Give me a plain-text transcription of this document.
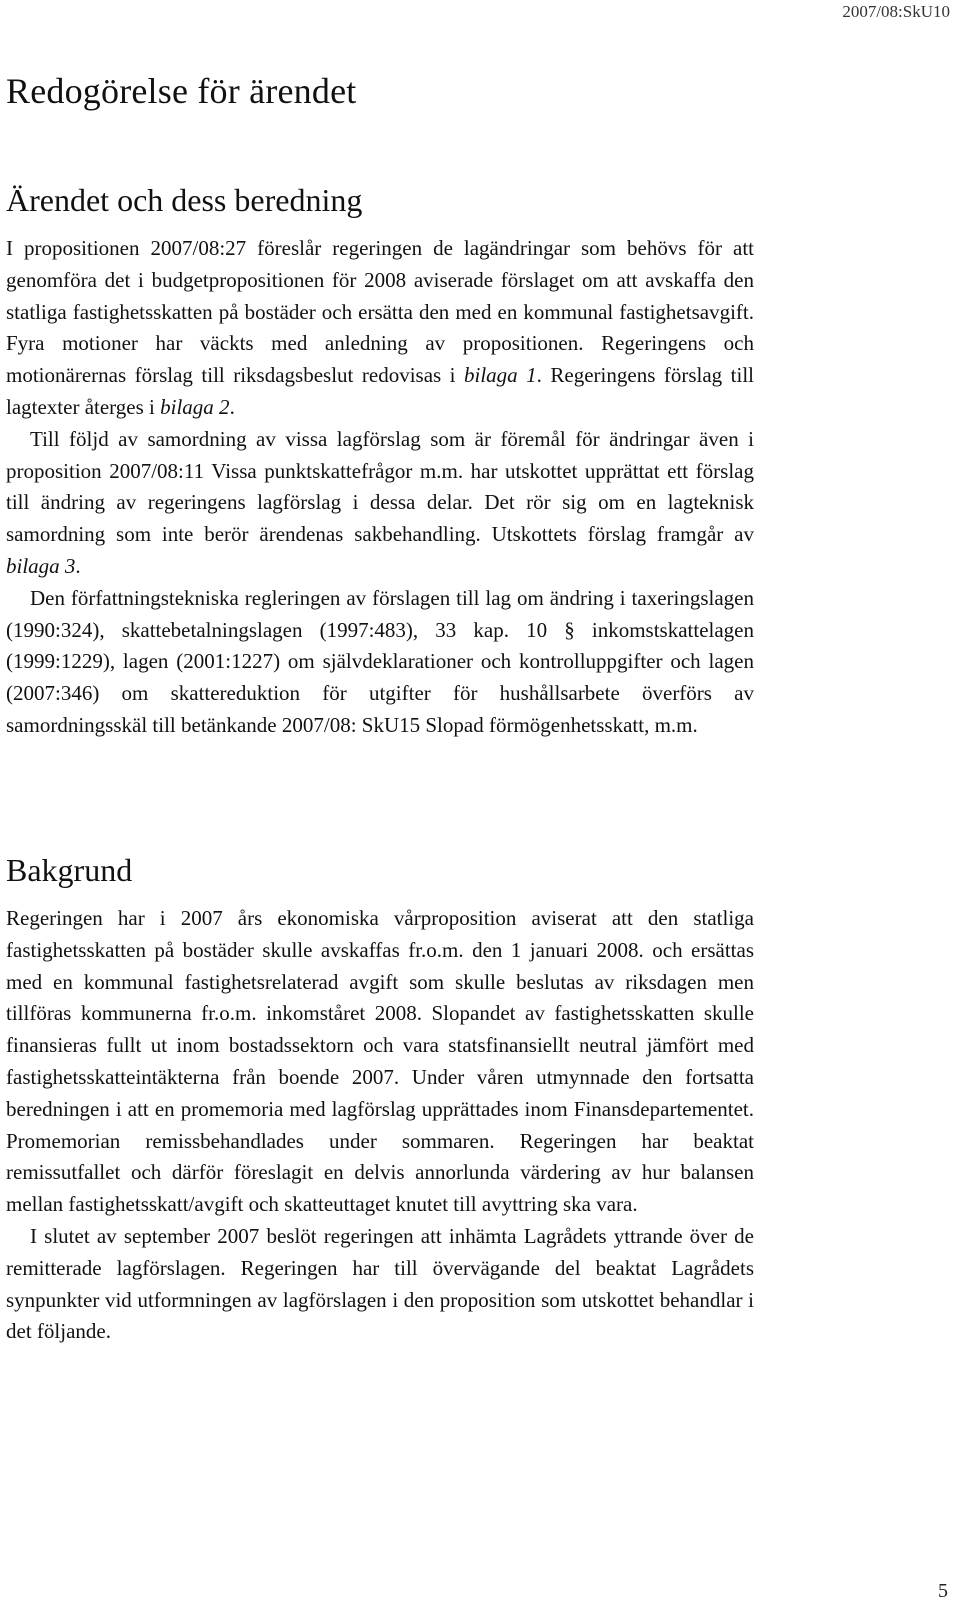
2007/08:SkU10
Redogörelse för ärendet
Ärendet och dess beredning

I propositionen 2007/08:27 föreslår regeringen de lagändringar som behövs för att genomföra det i budgetpropositionen för 2008 aviserade förslaget om att avskaffa den statliga fastighetsskatten på bostäder och ersätta den med en kommunal fastighetsavgift. Fyra motioner har väckts med anledning av propositionen. Regeringens och motionärernas förslag till riksdagsbeslut redovisas i bilaga 1. Regeringens förslag till lagtexter återges i bilaga 2.

Till följd av samordning av vissa lagförslag som är föremål för ändringar även i proposition 2007/08:11 Vissa punktskattefrågor m.m. har utskottet upprättat ett förslag till ändring av regeringens lagförslag i dessa delar. Det rör sig om en lagteknisk samordning som inte berör ärendenas sakbehandling. Utskottets förslag framgår av bilaga 3.

Den författningstekniska regleringen av förslagen till lag om ändring i taxeringslagen (1990:324), skattebetalningslagen (1997:483), 33 kap. 10 § inkomstskattelagen (1999:1229), lagen (2001:1227) om självdeklarationer och kontrolluppgifter och lagen (2007:346) om skattereduktion för utgifter för hushållsarbete överförs av samordningsskäl till betänkande 2007/08: SkU15 Slopad förmögenhetsskatt, m.m.

Bakgrund

Regeringen har i 2007 års ekonomiska vårproposition aviserat att den statliga fastighetsskatten på bostäder skulle avskaffas fr.o.m. den 1 januari 2008. och ersättas med en kommunal fastighetsrelaterad avgift som skulle beslutas av riksdagen men tillföras kommunerna fr.o.m. inkomståret 2008. Slopandet av fastighetsskatten skulle finansieras fullt ut inom bostadssektorn och vara statsfinansiellt neutral jämfört med fastighetsskatteintäkterna från boende 2007. Under våren utmynnade den fortsatta beredningen i att en promemoria med lagförslag upprättades inom Finansdepartementet. Promemorian remissbehandlades under sommaren. Regeringen har beaktat remissutfallet och därför föreslagit en delvis annorlunda värdering av hur balansen mellan fastighetsskatt/avgift och skatteuttaget knutet till avyttring ska vara.

I slutet av september 2007 beslöt regeringen att inhämta Lagrådets yttrande över de remitterade lagförslagen. Regeringen har till övervägande del beaktat Lagrådets synpunkter vid utformningen av lagförslagen i den proposition som utskottet behandlar i det följande.

5
